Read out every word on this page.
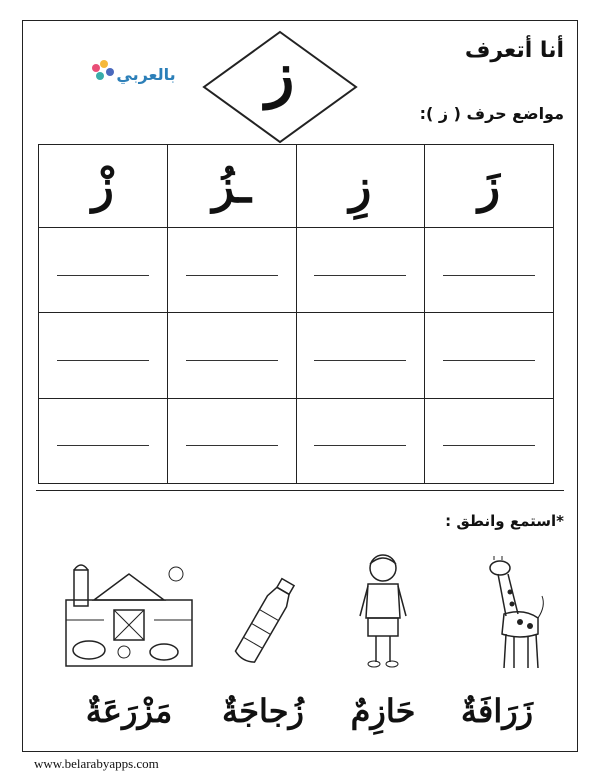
أنا أتعرف
بالعربي	ز
مواضع حرف ( ز ):
زْ	ـزُ	زِ	زَ

*استمع وانطق :
زَرَافَةٌ
حَازِمٌ
زُجاجَةٌ
مَزْرَعَةٌ
www.belarabyapps.com
